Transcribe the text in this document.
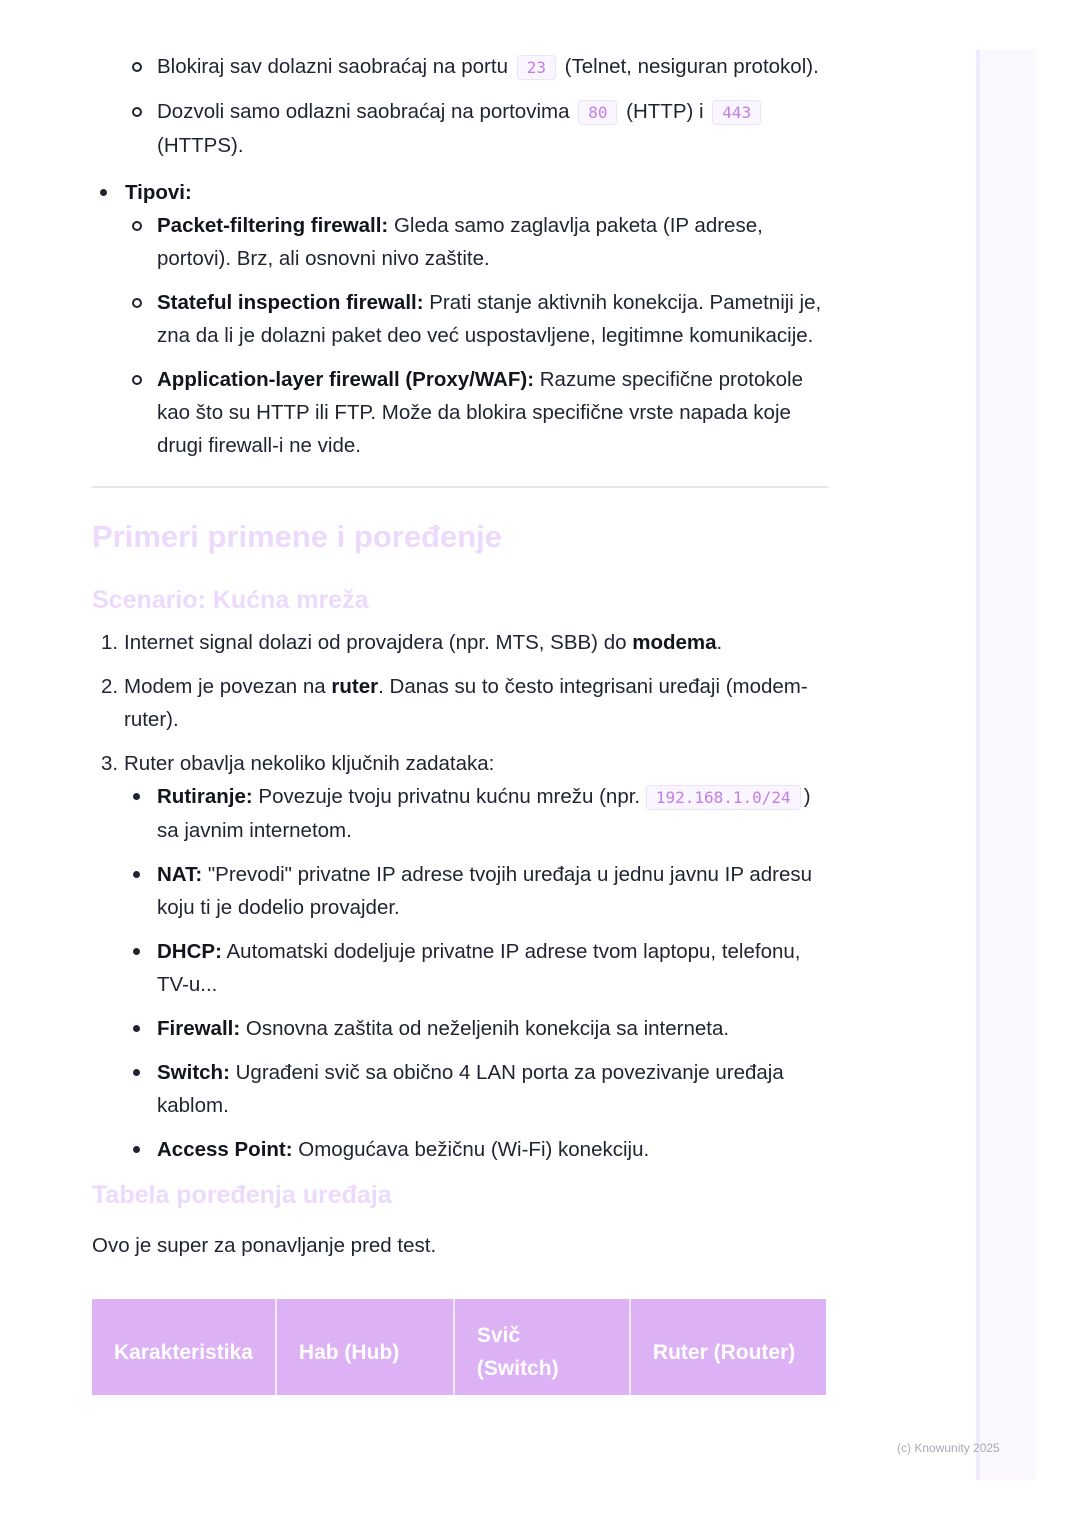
Blokiraj sav dolazni saobraćaj na portu 23 (Telnet, nesiguran protokol).
Dozvoli samo odlazni saobraćaj na portovima 80 (HTTP) i 443 (HTTPS).
Tipovi:
Packet-filtering firewall: Gleda samo zaglavlja paketa (IP adrese, portovi). Brz, ali osnovni nivo zaštite.
Stateful inspection firewall: Prati stanje aktivnih konekcija. Pametniji je, zna da li je dolazni paket deo već uspostavljene, legitimne komunikacije.
Application-layer firewall (Proxy/WAF): Razume specifične protokole kao što su HTTP ili FTP. Može da blokira specifične vrste napada koje drugi firewall-i ne vide.
Primeri primene i poređenje
Scenario: Kućna mreža
1. Internet signal dolazi od provajdera (npr. MTS, SBB) do modema.
2. Modem je povezan na ruter. Danas su to često integrisani uređaji (modem-ruter).
3. Ruter obavlja nekoliko ključnih zadataka:
Rutiranje: Povezuje tvoju privatnu kućnu mrežu (npr. 192.168.1.0/24 ) sa javnim internetom.
NAT: "Prevodi" privatne IP adrese tvojih uređaja u jednu javnu IP adresu koju ti je dodelio provajder.
DHCP: Automatski dodeljuje privatne IP adrese tvom laptopu, telefonu, TV-u...
Firewall: Osnovna zaštita od neželjenih konekcija sa interneta.
Switch: Ugrađeni svič sa obično 4 LAN porta za povezivanje uređaja kablom.
Access Point: Omogućava bežičnu (Wi-Fi) konekciju.
Tabela poređenja uređaja

Ovo je super za ponavljanje pred test.

Karakteristika	Hab (Hub)	Svič (Switch)	Ruter (Router)
(c) Knowunity 2025
